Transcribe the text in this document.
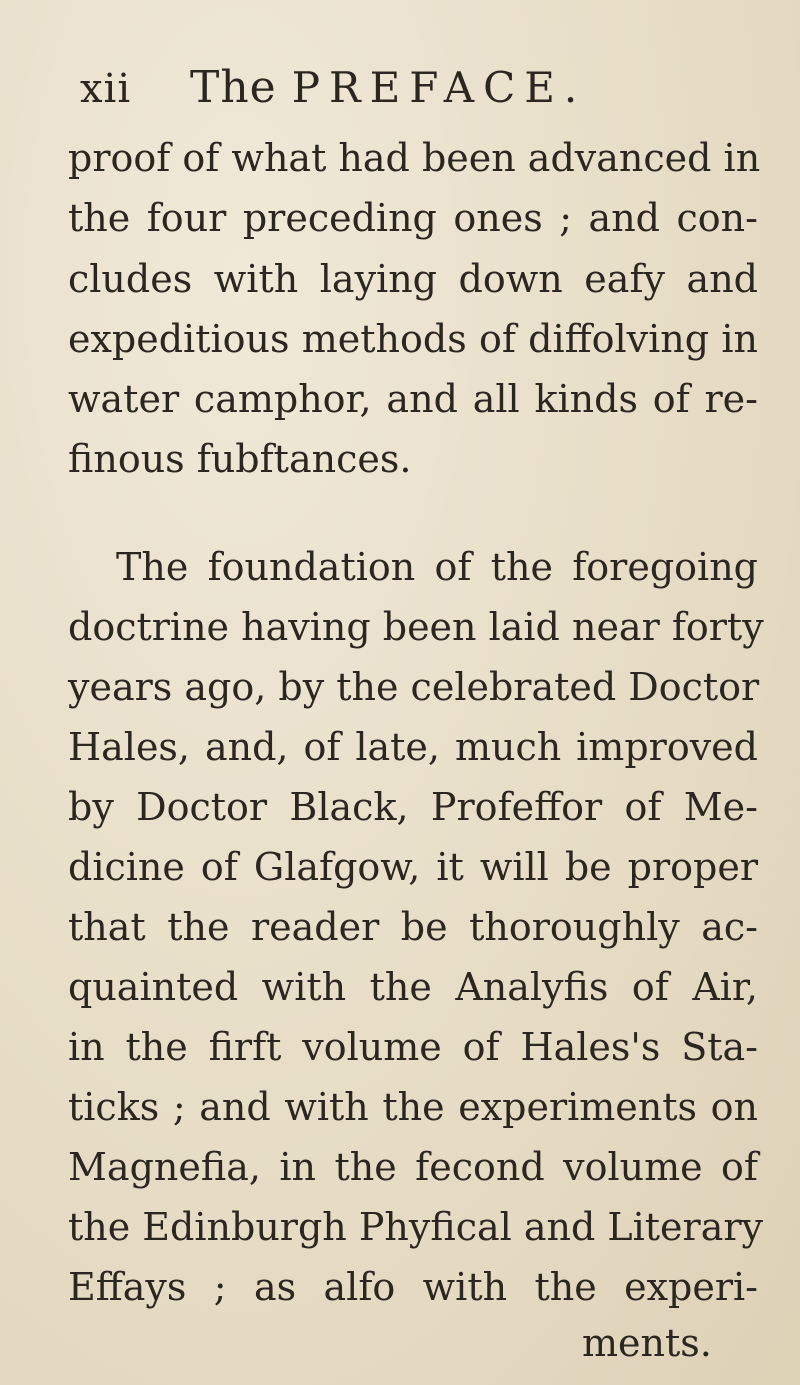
xii The PREFACE.
proof of what had been advanced in
the four preceding ones ; and con-
cludes with laying down eafy and
expeditious methods of diffolving in
water camphor, and all kinds of re-
finous fubftances.
The foundation of the foregoing
doctrine having been laid near forty
years ago, by the celebrated Doctor
Hales, and, of late, much improved
by Doctor Black, Profeffor of Me-
dicine of Glafgow, it will be proper
that the reader be thoroughly ac-
quainted with the Analyfis of Air,
in the firft volume of Hales's Sta-
ticks ; and with the experiments on
Magnefia, in the fecond volume of
the Edinburgh Phyfical and Literary
Effays ; as alfo with the experi-
ments.
